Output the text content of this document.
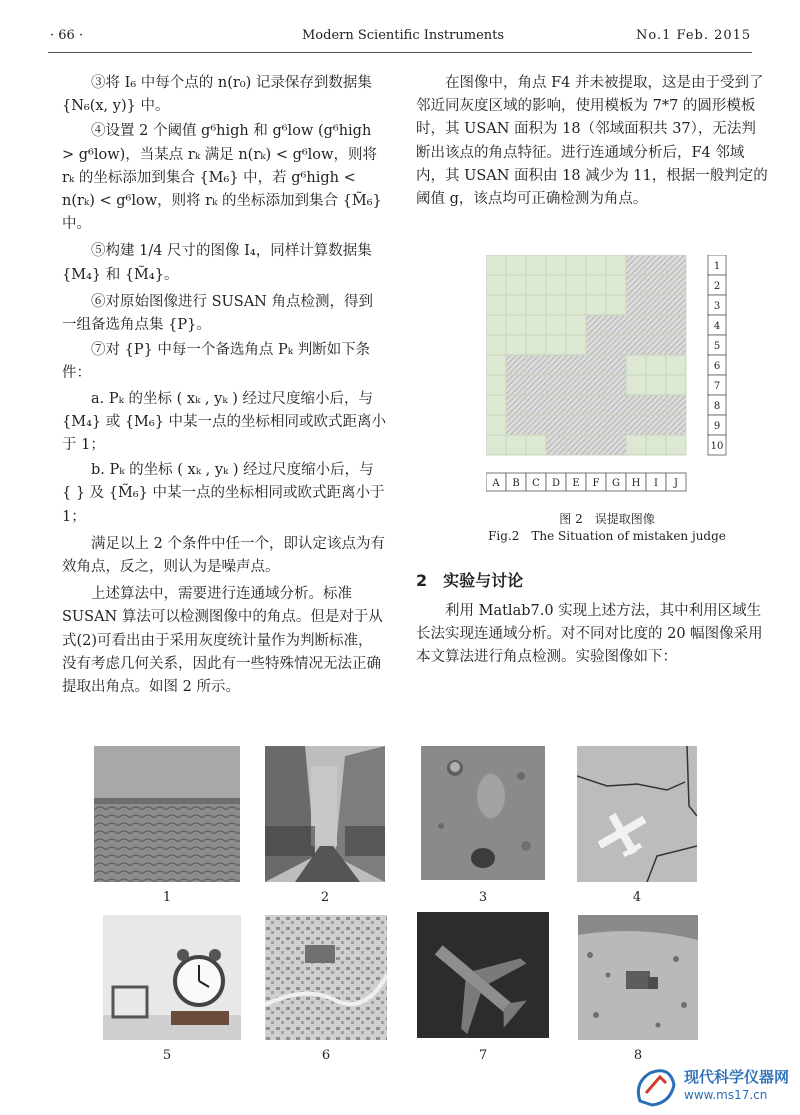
· 66 ·	Modern Scientific Instruments	No.1 Feb. 2015

③将 I₆ 中每个点的 n(r₀) 记录保存到数据集 {N₆(x, y)} 中。

④设置 2 个阈值 g⁶high 和 g⁶low (g⁶high > g⁶low)，当某点 rₖ 满足 n(rₖ) < g⁶low，则将 rₖ 的坐标添加到集合 {M₆} 中，若 g⁶high < n(rₖ) < g⁶low，则将 rₖ 的坐标添加到集合 {M̃₆} 中。

⑤构建 1/4 尺寸的图像 I₄，同样计算数据集 {M₄} 和 {M̃₄}。

⑥对原始图像进行 SUSAN 角点检测，得到一组备选角点集 {P}。

⑦对 {P} 中每一个备选角点 Pₖ 判断如下条件：

a. Pₖ 的坐标 ( xₖ , yₖ ) 经过尺度缩小后，与 {M₄} 或 {M₆} 中某一点的坐标相同或欧式距离小于 1；

b. Pₖ 的坐标 ( xₖ , yₖ ) 经过尺度缩小后，与 { } 及 {M̃₆} 中某一点的坐标相同或欧式距离小于 1；

满足以上 2 个条件中任一个，即认定该点为有效角点，反之，则认为是噪声点。

上述算法中，需要进行连通域分析。标准 SUSAN 算法可以检测图像中的角点。但是对于从式(2)可看出由于采用灰度统计量作为判断标准，没有考虑几何关系，因此有一些特殊情况无法正确提取出角点。如图 2 所示。

在图像中，角点 F4 并未被提取，这是由于受到了邻近同灰度区域的影响，使用模板为 7*7 的圆形模板时，其 USAN 面积为 18（邻域面积共 37），无法判断出该点的角点特征。进行连通域分析后，F4 邻域内，其 USAN 面积由 18 减少为 11，根据一般判定的阈值 g，该点均可正确检测为角点。

1
2
3
4
5
6
7
8
9
10
A B C D E F G H I J
图 2　误提取图像
Fig.2　The Situation of mistaken judge
2　实验与讨论

利用 Matlab7.0 实现上述方法，其中利用区域生长法实现连通域分析。对不同对比度的 20 幅图像采用本文算法进行角点检测。实验图像如下：

1	2	3	4
5	6	7	8
现代科学仪器网
www.ms17.cn
